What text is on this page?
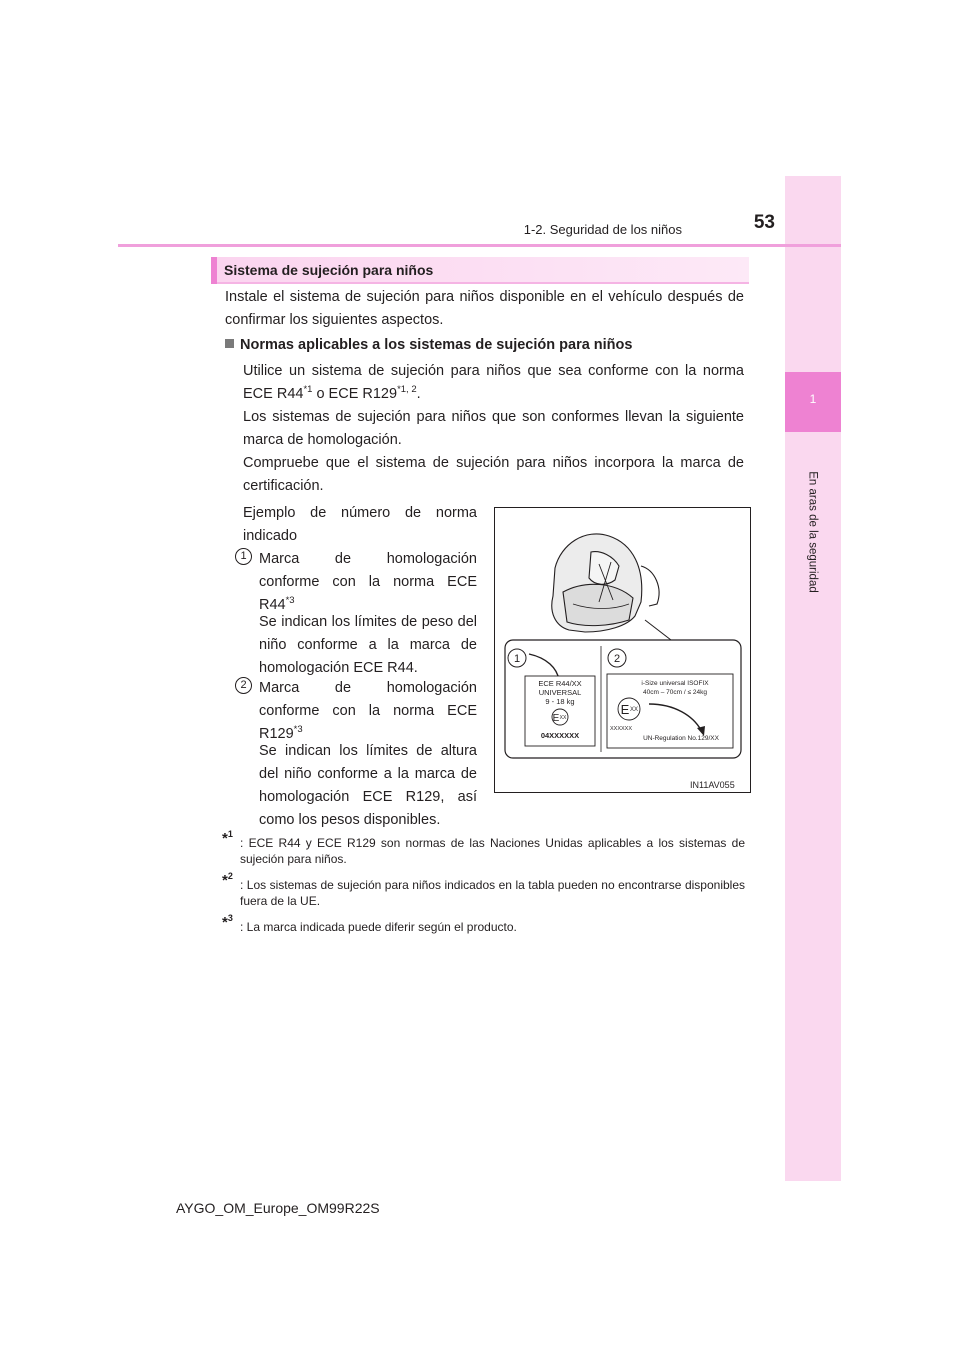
1
En aras de la seguridad
1-2. Seguridad de los niños	53
Sistema de sujeción para niños
Instale el sistema de sujeción para niños disponible en el vehículo después de confirmar los siguientes aspectos.
Normas aplicables a los sistemas de sujeción para niños
Utilice un sistema de sujeción para niños que sea conforme con la norma ECE R44$^{*1}$ o ECE R129$^{*1, 2}$.
Los sistemas de sujeción para niños que son conformes llevan la siguiente marca de homologación.
Compruebe que el sistema de sujeción para niños incorpora la marca de certificación.
Ejemplo de número de norma indicado
1 Marca de homologación conforme con la norma ECE R44$^{*3}$
Se indican los límites de peso del niño conforme a la marca de homologación ECE R44.
2 Marca de homologación conforme con la norma ECE R129$^{*3}$
Se indican los límites de altura del niño conforme a la marca de homologación ECE R129, así como los pesos disponibles.
1	2
ECE R44/XX
UNIVERSAL
9 - 18 kg
E XX
04XXXXXX
i-Size universal ISOFIX
40cm – 70cm / ≤ 24kg
E XX
XXXXXX
UN-Regulation No.129/XX
IN11AV055
*$^1$
: ECE R44 y ECE R129 son normas de las Naciones Unidas aplicables a los sistemas de sujeción para niños.
*$^2$
: Los sistemas de sujeción para niños indicados en la tabla pueden no encontrarse disponibles fuera de la UE.
*$^3$
: La marca indicada puede diferir según el producto.
AYGO_OM_Europe_OM99R22S
